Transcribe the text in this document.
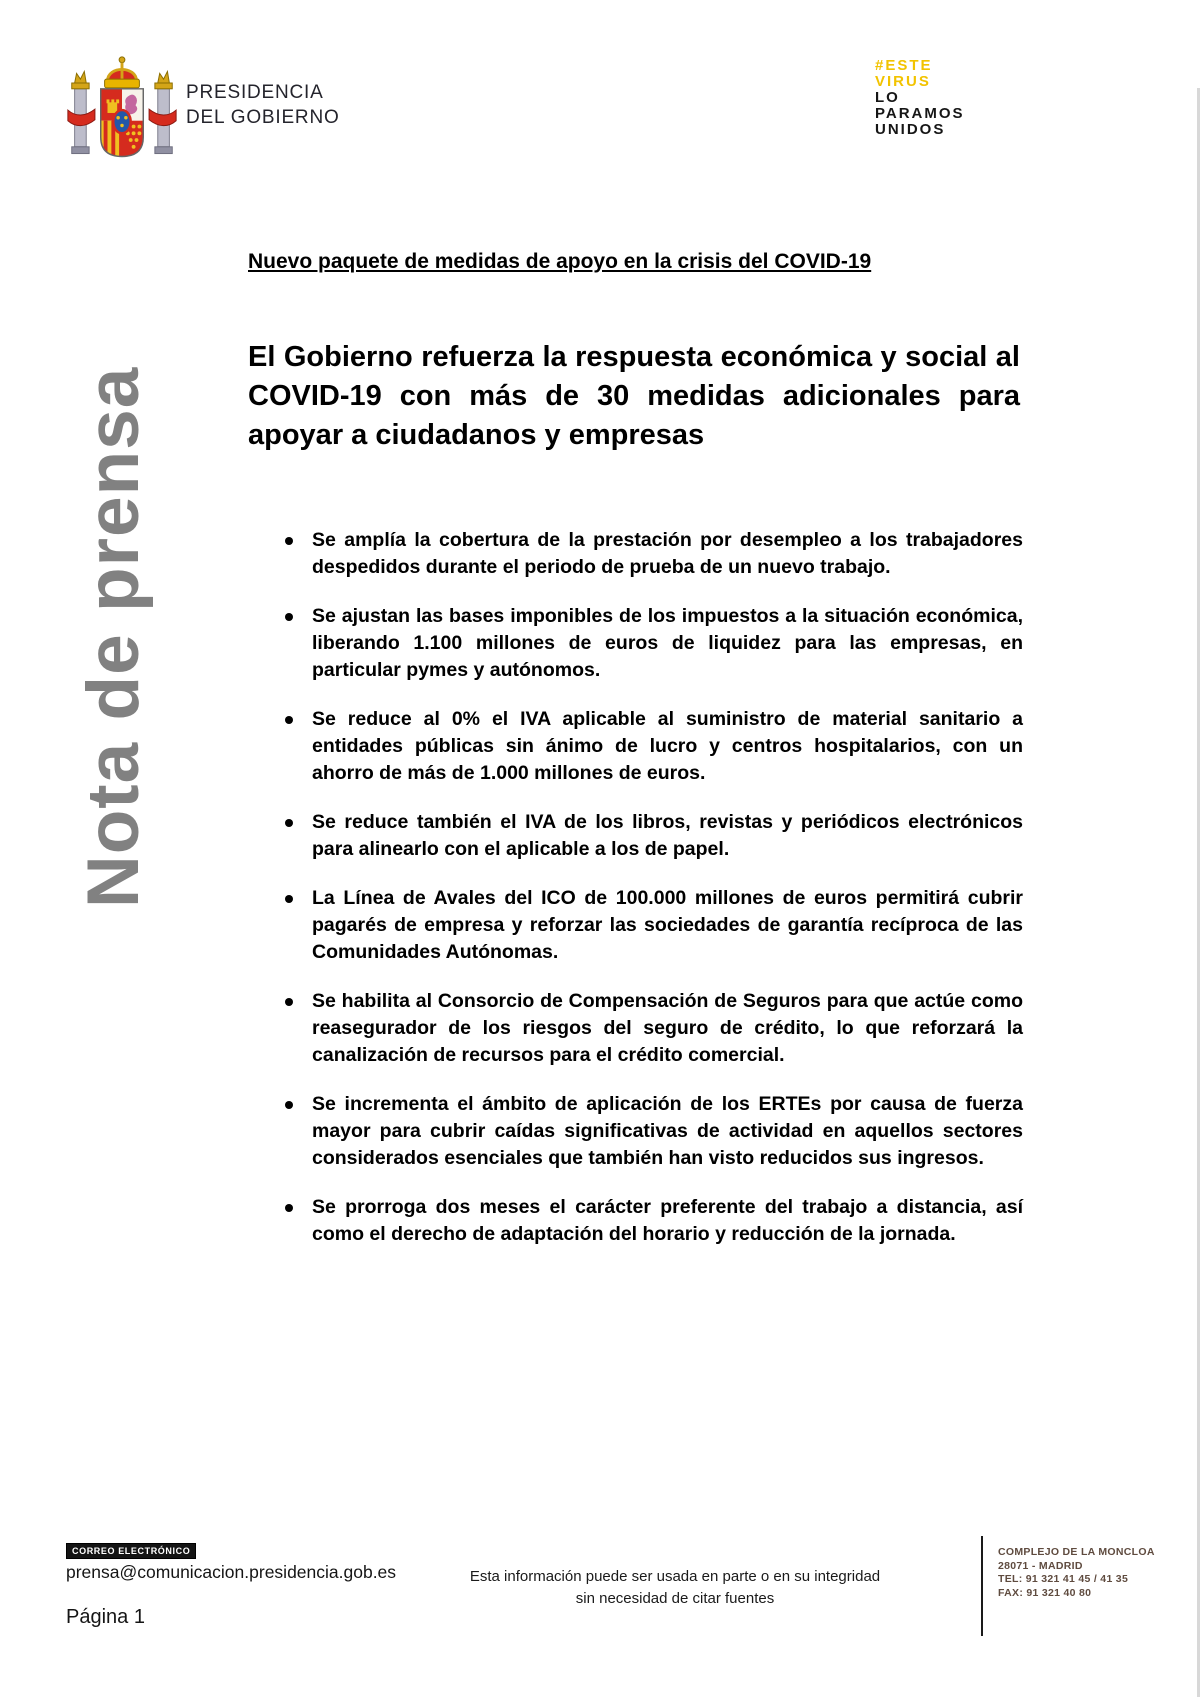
PRESIDENCIA
DEL GOBIERNO
#ESTE
VIRUS
LO
PARAMOS
UNIDOS
Nota de prensa
Nuevo paquete de medidas de apoyo en la crisis del COVID-19
El Gobierno refuerza la respuesta económica y social al COVID-19 con más de 30 medidas adicionales para apoyar a ciudadanos y empresas
Se amplía la cobertura de la prestación por desempleo a los trabajadores despedidos durante el periodo de prueba de un nuevo trabajo.
Se ajustan las bases imponibles de los impuestos a la situación económica, liberando 1.100 millones de euros de liquidez para las empresas, en particular pymes y autónomos.
Se reduce al 0% el IVA aplicable al suministro de material sanitario a entidades públicas sin ánimo de lucro y centros hospitalarios, con un ahorro de más de 1.000 millones de euros.
Se reduce también el IVA de los libros, revistas y periódicos electrónicos para alinearlo con el aplicable a los de papel.
La Línea de Avales del ICO de 100.000 millones de euros permitirá cubrir pagarés de empresa y reforzar las sociedades de garantía recíproca de las Comunidades Autónomas.
Se habilita al Consorcio de Compensación de Seguros para que actúe como reasegurador de los riesgos del seguro de crédito, lo que reforzará la canalización de recursos para el crédito comercial.
Se incrementa el ámbito de aplicación de los ERTEs por causa de fuerza mayor para cubrir caídas significativas de actividad en aquellos sectores considerados esenciales que también han visto reducidos sus ingresos.
Se prorroga dos meses el carácter preferente del trabajo a distancia, así como el derecho de adaptación del horario y reducción de la jornada.
CORREO ELECTRÓNICO
prensa@comunicacion.presidencia.gob.es
Página 1
Esta información puede ser usada en parte o en su integridad sin necesidad de citar fuentes
COMPLEJO DE LA MONCLOA
28071 - MADRID
TEL: 91 321 41 45 / 41 35
FAX: 91 321 40 80
